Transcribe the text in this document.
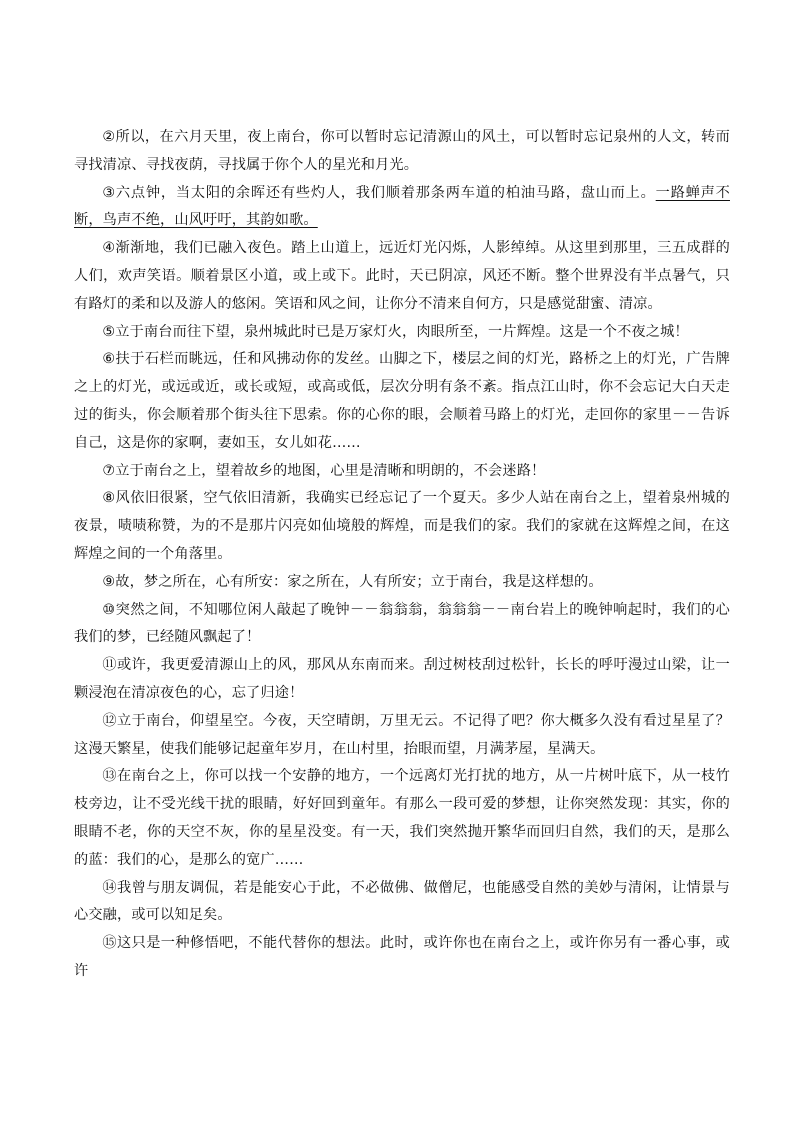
②所以，在六月天里，夜上南台，你可以暂时忘记清源山的风土，可以暂时忘记泉州的人文，转而寻找清凉、寻找夜荫，寻找属于你个人的星光和月光。

③六点钟，当太阳的余晖还有些灼人，我们顺着那条两车道的柏油马路，盘山而上。一路蝉声不断，鸟声不绝，山风吁吁，其韵如歌。

④渐渐地，我们已融入夜色。踏上山道上，远近灯光闪烁，人影绰绰。从这里到那里，三五成群的人们，欢声笑语。顺着景区小道，或上或下。此时，天已阴凉，风还不断。整个世界没有半点暑气，只有路灯的柔和以及游人的悠闲。笑语和风之间，让你分不清来自何方，只是感觉甜蜜、清凉。

⑤立于南台而往下望，泉州城此时已是万家灯火，肉眼所至，一片辉煌。这是一个不夜之城！

⑥扶于石栏而眺远，任和风拂动你的发丝。山脚之下，楼层之间的灯光，路桥之上的灯光，广告牌之上的灯光，或远或近，或长或短，或高或低，层次分明有条不紊。指点江山时，你不会忘记大白天走过的街头，你会顺着那个街头往下思索。你的心你的眼，会顺着马路上的灯光，走回你的家里－－告诉自己，这是你的家啊，妻如玉，女儿如花……

⑦立于南台之上，望着故乡的地图，心里是清晰和明朗的，不会迷路！

⑧风依旧很紧，空气依旧清新，我确实已经忘记了一个夏天。多少人站在南台之上，望着泉州城的夜景，啧啧称赞，为的不是那片闪亮如仙境般的辉煌，而是我们的家。我们的家就在这辉煌之间，在这辉煌之间的一个角落里。

⑨故，梦之所在，心有所安：家之所在，人有所安；立于南台，我是这样想的。

⑩突然之间，不知哪位闲人敲起了晚钟－－翁翁翁，翁翁翁－－南台岩上的晚钟响起时，我们的心我们的梦，已经随风飘起了！

⑪或许，我更爱清源山上的风，那风从东南而来。刮过树枝刮过松针，长长的呼吁漫过山梁，让一颗浸泡在清凉夜色的心，忘了归途！

⑫立于南台，仰望星空。今夜，天空晴朗，万里无云。不记得了吧？你大概多久没有看过星星了？这漫天繁星，使我们能够记起童年岁月，在山村里，抬眼而望，月满茅屋，星满天。

⑬在南台之上，你可以找一个安静的地方，一个远离灯光打扰的地方，从一片树叶底下，从一枝竹枝旁边，让不受光线干扰的眼睛，好好回到童年。有那么一段可爱的梦想，让你突然发现：其实，你的眼睛不老，你的天空不灰，你的星星没变。有一天，我们突然抛开繁华而回归自然，我们的天，是那么的蓝：我们的心，是那么的宽广……

⑭我曾与朋友调侃，若是能安心于此，不必做佛、做僧尼，也能感受自然的美妙与清闲，让情景与心交融，或可以知足矣。

⑮这只是一种修悟吧，不能代替你的想法。此时，或许你也在南台之上，或许你另有一番心事，或许
